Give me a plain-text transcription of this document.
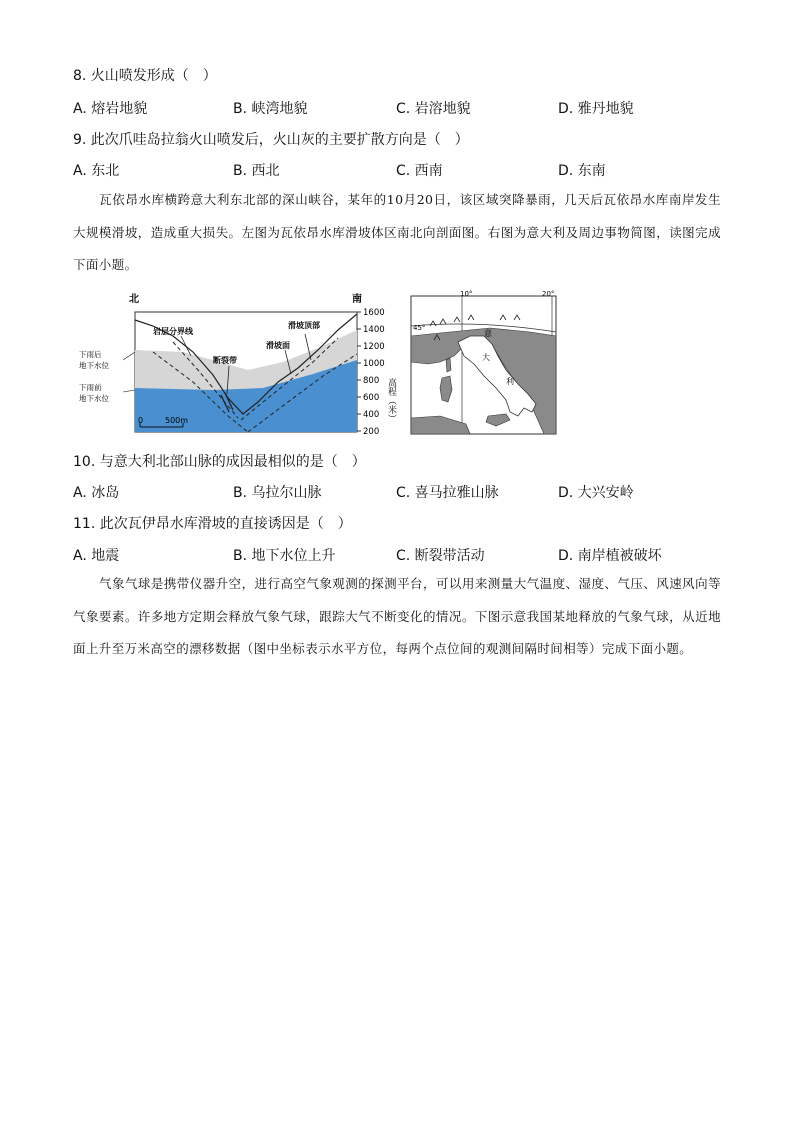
8. 火山喷发形成（　）
A. 熔岩地貌	B. 峡湾地貌	C. 岩溶地貌	D. 雅丹地貌
9. 此次爪哇岛拉翁火山喷发后，火山灰的主要扩散方向是（　）
A. 东北	B. 西北	C. 西南	D. 东南
瓦依昂水库横跨意大利东北部的深山峡谷，某年的10月20日，该区域突降暴雨，几天后瓦依昂水库南岸发生大规模滑坡，造成重大损失。左图为瓦依昂水库滑坡体区南北向剖面图。右图为意大利及周边事物简图，读图完成下面小题。
北	南
岩层分界线
断裂带
滑坡顶部
滑坡面
下雨后
地下水位
下雨前
地下水位
0	500m
1600
1400
1200
1000
800
600
400
200
高程（米）
10°	20°
45°
意
大
利
10. 与意大利北部山脉的成因最相似的是（　）
A. 冰岛	B. 乌拉尔山脉	C. 喜马拉雅山脉	D. 大兴安岭
11. 此次瓦伊昂水库滑坡的直接诱因是（　）
A. 地震	B. 地下水位上升	C. 断裂带活动	D. 南岸植被破坏
气象气球是携带仪器升空，进行高空气象观测的探测平台，可以用来测量大气温度、湿度、气压、风速风向等气象要素。许多地方定期会释放气象气球，跟踪大气不断变化的情况。下图示意我国某地释放的气象气球，从近地面上升至万米高空的漂移数据（图中坐标表示水平方位，每两个点位间的观测间隔时间相等）完成下面小题。
